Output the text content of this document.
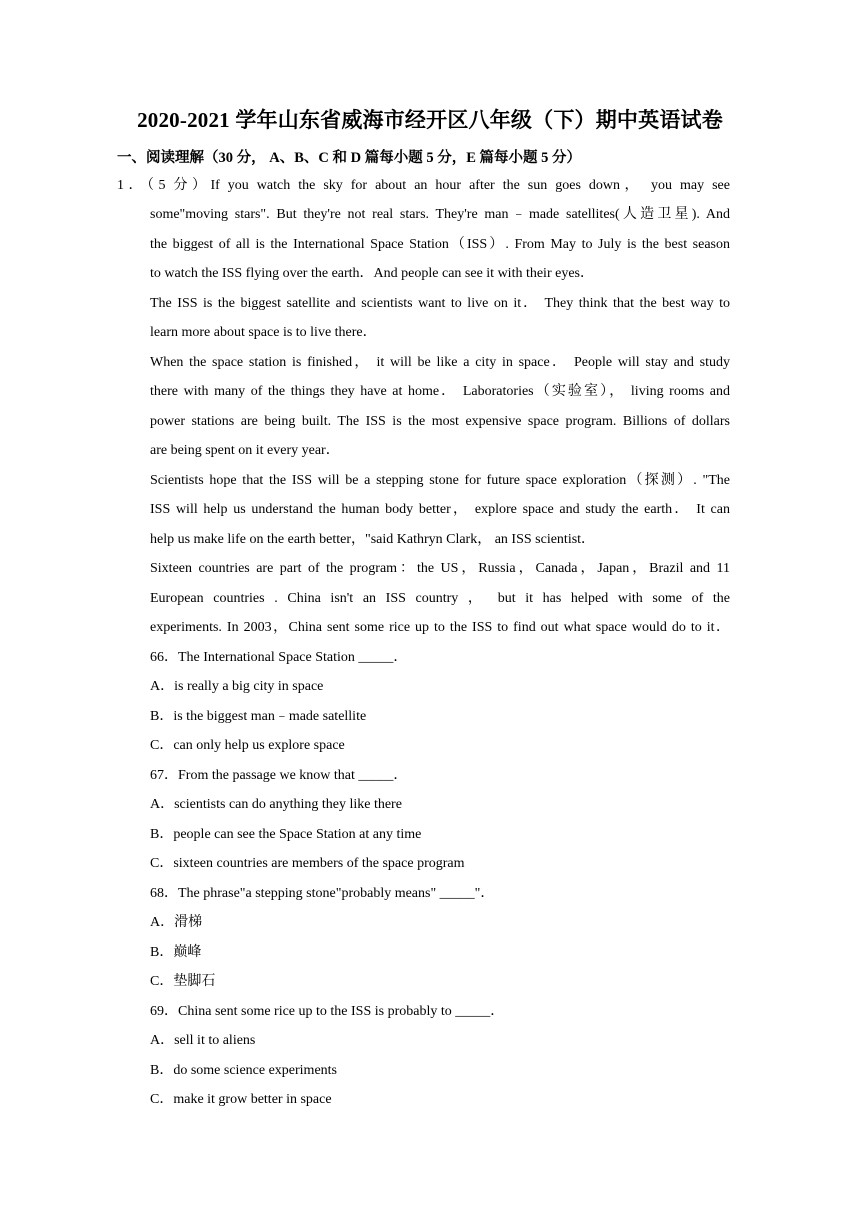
2020-2021 学年山东省威海市经开区八年级（下）期中英语试卷
一、阅读理解（30 分， A、B、C 和 D 篇每小题 5 分，E 篇每小题 5 分）
1．（5 分）If you watch the sky for about an hour after the sun goes down， you may see
some"moving stars". But they're not real stars. They're man﹣made satellites(人造卫星). And
the biggest of all is the International Space Station（ISS）. From May to July is the best season
to watch the ISS flying over the earth．And people can see it with their eyes．
The ISS is the biggest satellite and scientists want to live on it． They think that the best way to
learn more about space is to live there．
When the space station is finished， it will be like a city in space． People will stay and study
there with many of the things they have at home． Laboratories（实验室）， living rooms and
power stations are being built. The ISS is the most expensive space program. Billions of dollars
are being spent on it every year．
Scientists hope that the ISS will be a stepping stone for future space exploration（探测）. "The
ISS will help us understand the human body better， explore space and study the earth． It can
help us make life on the earth better，"said Kathryn Clark， an ISS scientist．
Sixteen countries are part of the program：the US，Russia，Canada，Japan，Brazil and 11
European countries . China isn't an ISS country ， but it has helped with some of the
experiments. In 2003，China sent some rice up to the ISS to find out what space would do to it．
66．The International Space Station _____．
A．is really a big city in space
B．is the biggest man﹣made satellite
C．can only help us explore space
67．From the passage we know that _____．
A．scientists can do anything they like there
B．people can see the Space Station at any time
C．sixteen countries are members of the space program
68．The phrase"a stepping stone"probably means" _____"．
A．滑梯
B．巅峰
C．垫脚石
69．China sent some rice up to the ISS is probably to _____．
A．sell it to aliens
B．do some science experiments
C．make it grow better in space
